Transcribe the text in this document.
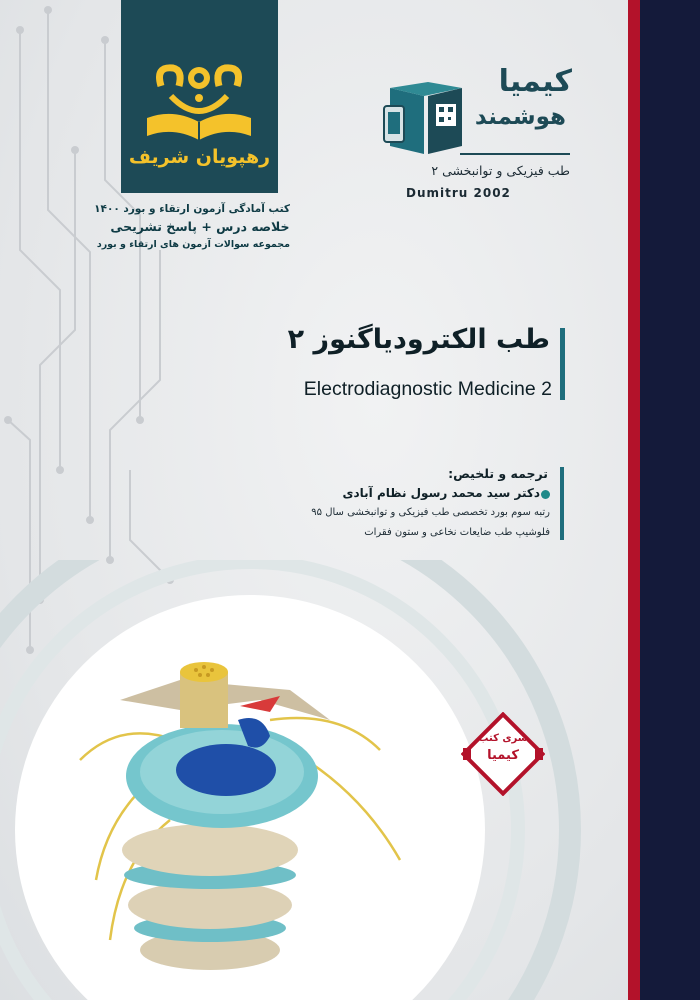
رهپویان شریف
کتب آمادگی آزمون ارتقاء و بورد ۱۴۰۰
خلاصه درس + پاسخ تشریحی
مجموعه سوالات آزمون های ارتقاء و بورد
کیمیا
هوشمند
طب فیزیکی و توانبخشی ۲
Dumitru 2002
طب الکترودیاگنوز ۲
Electrodiagnostic Medicine 2
ترجمه و تلخیص:
دکتر سید محمد رسول نظام آبادی
رتبه سوم بورد تخصصی طب فیزیکی و توانبخشی سال ۹۵
فلوشیپ طب ضایعات نخاعی و ستون فقرات
سری کتب
کیمیا
